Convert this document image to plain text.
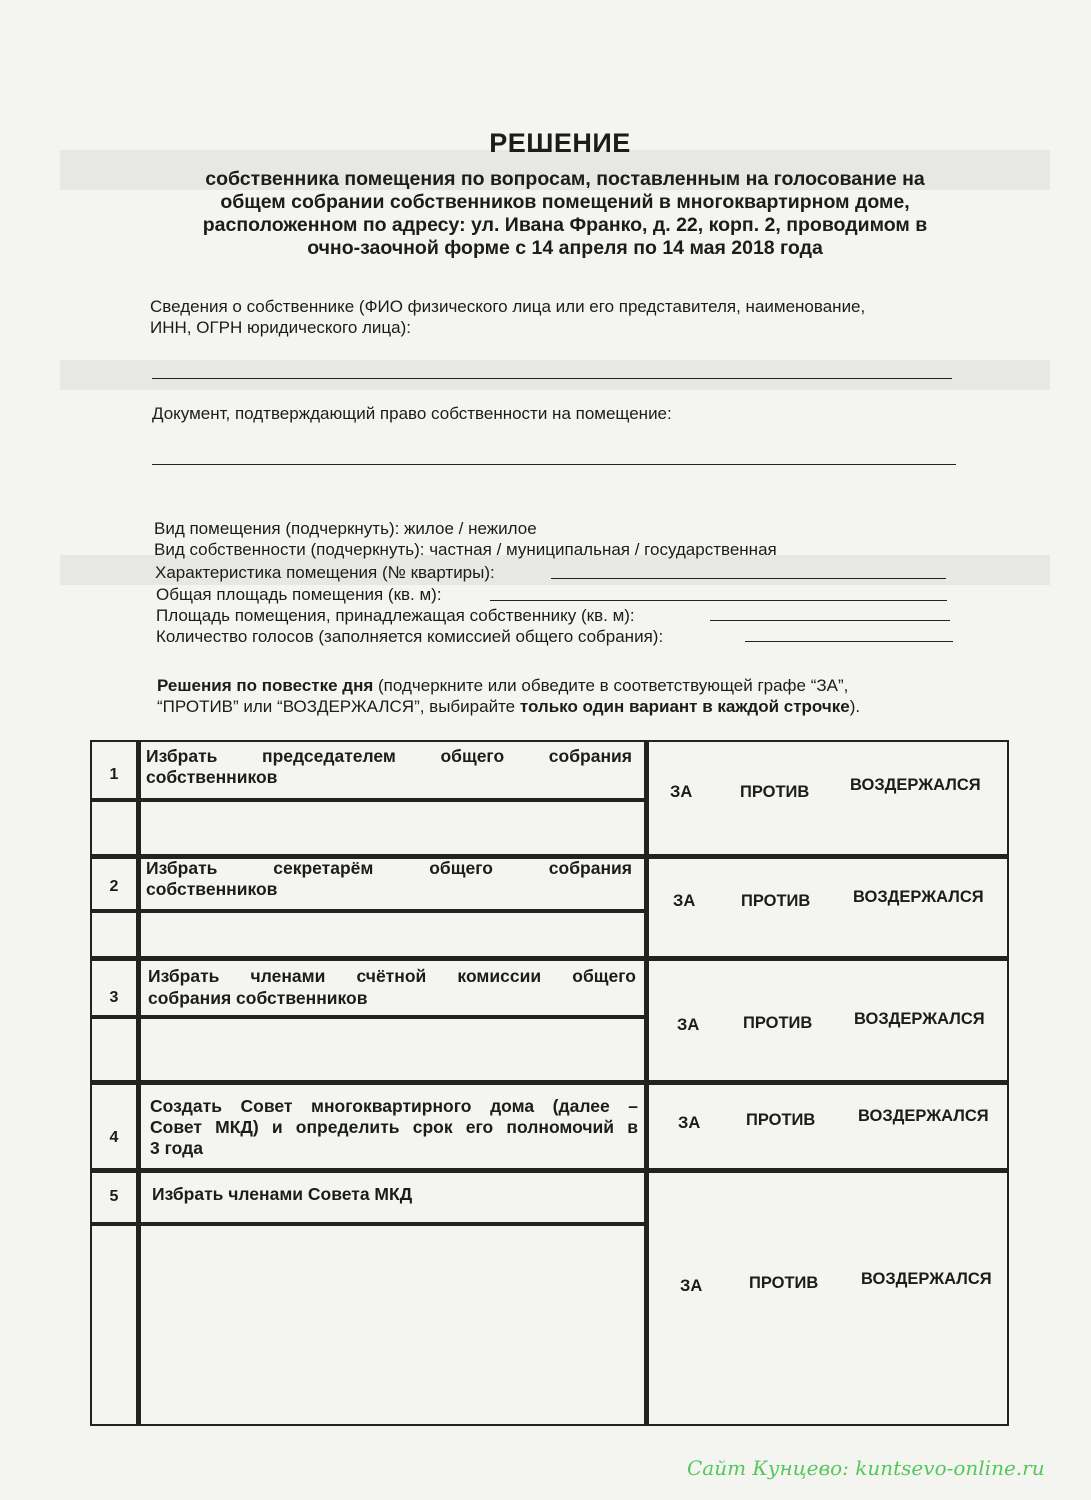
РЕШЕНИЕ
собственника помещения по вопросам, поставленным на голосование на
общем собрании собственников помещений в многоквартирном доме,
расположенном по адресу: ул. Ивана Франко, д. 22, корп. 2, проводимом в
очно-заочной форме с 14 апреля по 14 мая 2018 года
Сведения о собственнике (ФИО физического лица или его представителя, наименование,
ИНН, ОГРН юридического лица):
Документ, подтверждающий право собственности на помещение:
Вид помещения (подчеркнуть): жилое / нежилое
Вид собственности (подчеркнуть): частная / муниципальная / государственная
Характеристика помещения (№ квартиры):
Общая площадь помещения (кв. м):
Площадь помещения, принадлежащая собственнику (кв. м):
Количество голосов (заполняется комиссией общего собрания):
Решения по повестке дня (подчеркните или обведите в соответствующей графе “ЗА”,
“ПРОТИВ” или “ВОЗДЕРЖАЛСЯ”, выбирайте только один вариант в каждой строчке).
1
Избрать председателем общего собрания
собственников
ЗА	ПРОТИВ ВОЗДЕРЖАЛСЯ
2
Избрать секретарём общего собрания
собственников
ЗА	ПРОТИВ	ВОЗДЕРЖАЛСЯ
3
Избрать членами счётной комиссии общего
собрания собственников
ЗА	ПРОТИВ	ВОЗДЕРЖАЛСЯ
4
Создать Совет многоквартирного дома (далее –
Совет МКД) и определить срок его полномочий в
3 года
ЗА	ПРОТИВ	ВОЗДЕРЖАЛСЯ
5	Избрать членами Совета МКД
ЗА	ПРОТИВ	ВОЗДЕРЖАЛСЯ
Сайт Кунцево: kuntsevo-online.ru
